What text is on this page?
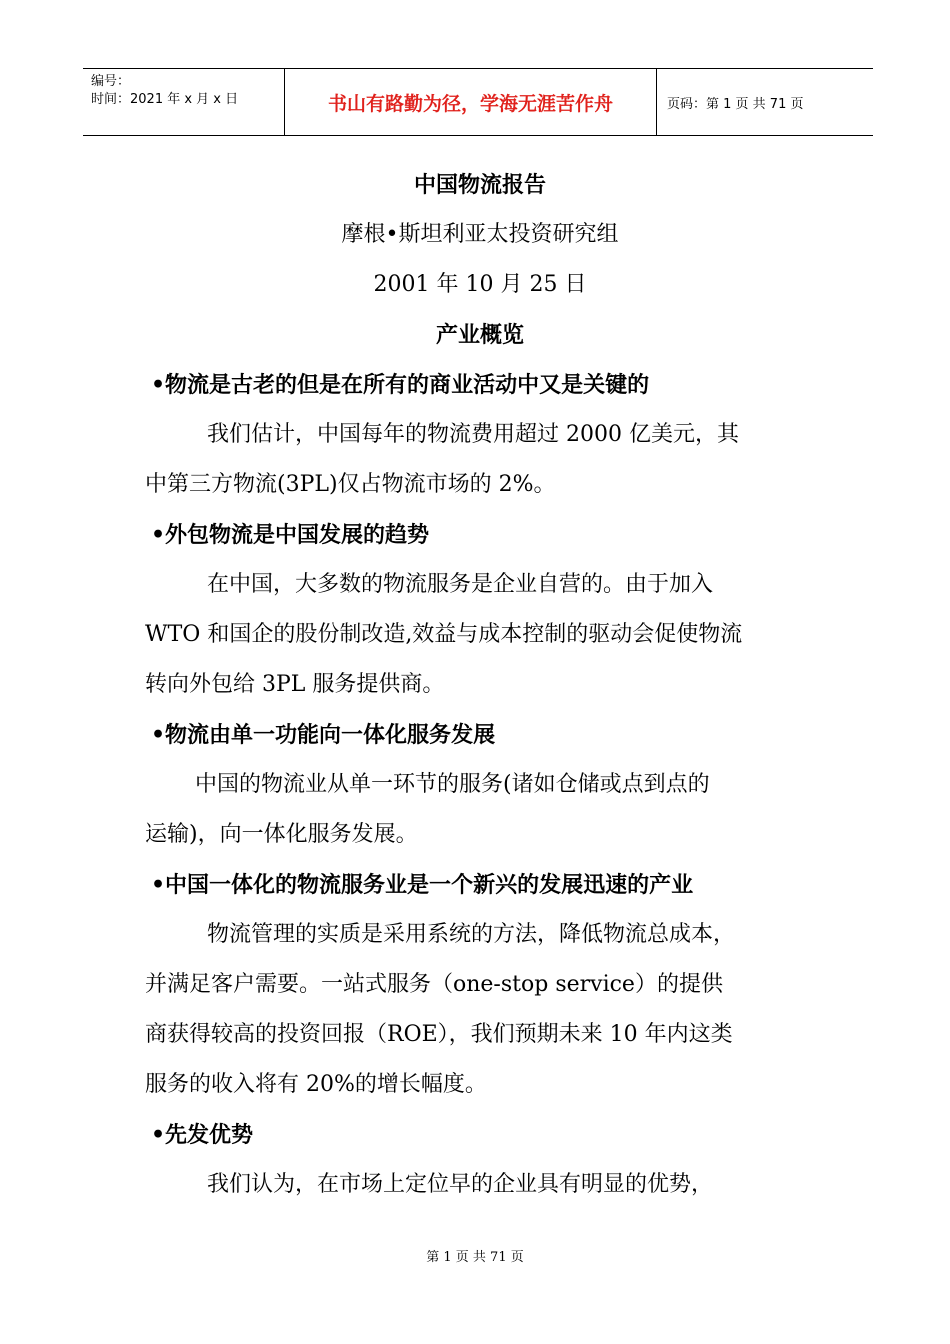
编号：
时间：2021 年 x 月 x 日	书山有路勤为径，学海无涯苦作舟	页码：第 1 页 共 71 页
中国物流报告
摩根•斯坦利亚太投资研究组
2001 年 10 月 25 日
产业概览
•物流是古老的但是在所有的商业活动中又是关键的
我们估计，中国每年的物流费用超过 2000 亿美元，其
中第三方物流(3PL)仅占物流市场的 2%。
•外包物流是中国发展的趋势
在中国，大多数的物流服务是企业自营的。由于加入
WTO 和国企的股份制改造,效益与成本控制的驱动会促使物流
转向外包给 3PL 服务提供商。
•物流由单一功能向一体化服务发展
中国的物流业从单一环节的服务(诸如仓储或点到点的
运输)，向一体化服务发展。
•中国一体化的物流服务业是一个新兴的发展迅速的产业
物流管理的实质是采用系统的方法，降低物流总成本，
并满足客户需要。一站式服务（one-stop service）的提供
商获得较高的投资回报（ROE），我们预期未来 10 年内这类
服务的收入将有 20%的增长幅度。
•先发优势
我们认为，在市场上定位早的企业具有明显的优势，
第 1 页 共 71 页
